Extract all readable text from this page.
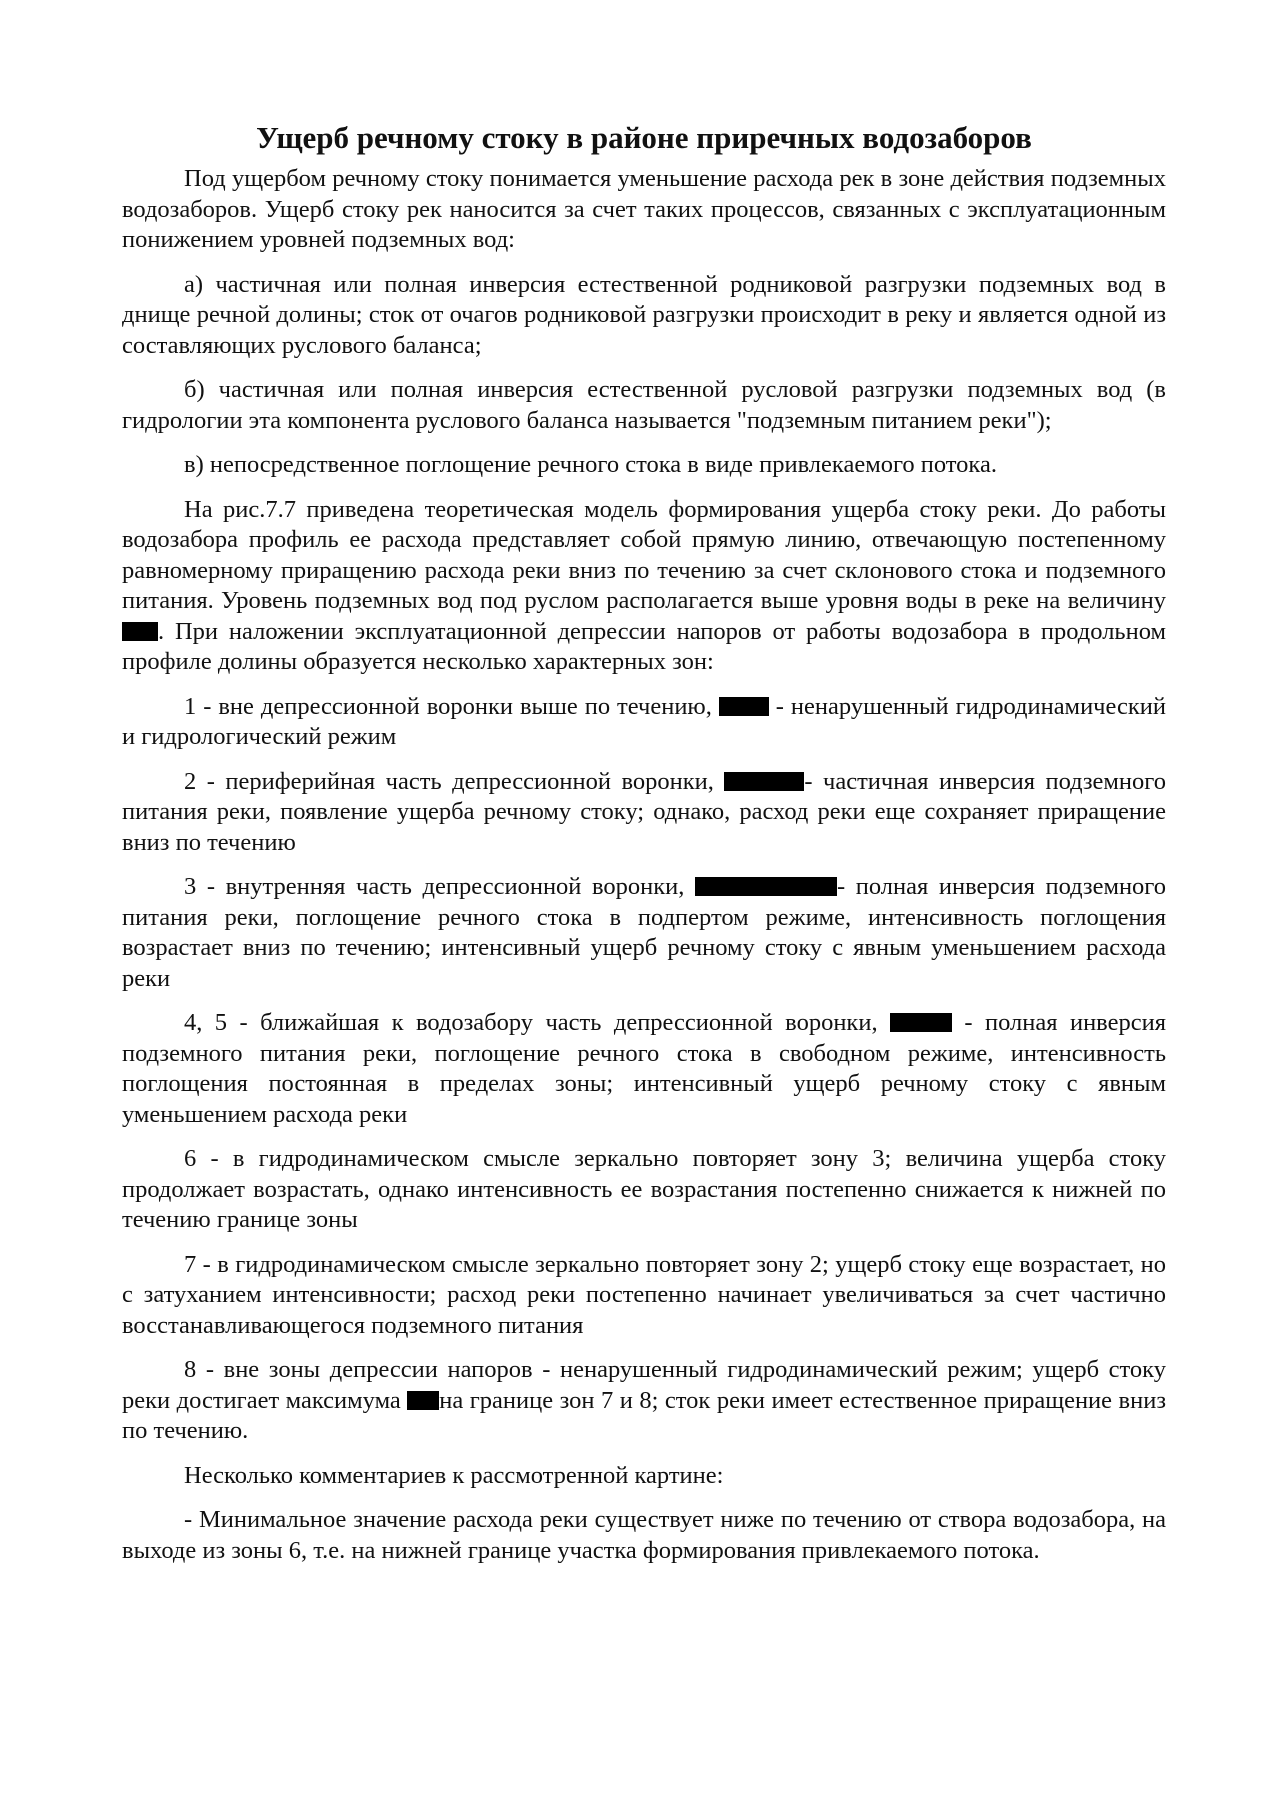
Ущерб речному стоку в районе приречных водозаборов

Под ущербом речному стоку понимается уменьшение расхода рек в зоне действия подземных водозаборов. Ущерб стоку рек наносится за счет таких процессов, связанных с эксплуатационным понижением уровней подземных вод:

а) частичная или полная инверсия естественной родниковой разгрузки подземных вод в днище речной долины; сток от очагов родниковой разгрузки происходит в реку и является одной из составляющих руслового баланса;

б) частичная или полная инверсия естественной русловой разгрузки подземных вод (в гидрологии эта компонента руслового баланса называется "подземным питанием реки");

в) непосредственное поглощение речного стока в виде привлекаемого потока.

На рис.7.7 приведена теоретическая модель формирования ущерба стоку реки. До работы водозабора профиль ее расхода представляет собой прямую линию, отвечающую постепенному равномерному приращению расхода реки вниз по течению за счет склонового стока и подземного питания. Уровень подземных вод под руслом располагается выше уровня воды в реке на величину. При наложении эксплуатационной депрессии напоров от работы водозабора в продольном профиле долины образуется несколько характерных зон:

1 - вне депрессионной воронки выше по течению,  - ненарушенный гидродинамический и гидрологический режим

2 - периферийная часть депрессионной воронки,	- частичная инверсия подземного питания реки, появление ущерба речному стоку; однако, расход реки еще сохраняет приращение вниз по течению

3 - внутренняя часть депрессионной воронки,	- полная инверсия подземного питания реки, поглощение речного стока в подпертом режиме, интенсивность поглощения возрастает вниз по течению; интенсивный ущерб речному стоку с явным уменьшением расхода реки

4, 5 - ближайшая к водозабору часть депрессионной воронки,	- полная инверсия подземного питания реки, поглощение речного стока в свободном режиме, интенсивность поглощения постоянная в пределах зоны; интенсивный ущерб речному стоку с явным уменьшением расхода реки

6 - в гидродинамическом смысле зеркально повторяет зону 3; величина ущерба стоку продолжает возрастать, однако интенсивность ее возрастания постепенно снижается к нижней по течению границе зоны

7 - в гидродинамическом смысле зеркально повторяет зону 2; ущерб стоку еще возрастает, но с затуханием интенсивности; расход реки постепенно начинает увеличиваться за счет частично восстанавливающегося подземного питания

8 - вне зоны депрессии напоров - ненарушенный гидродинамический режим; ущерб стоку реки достигает максимума на границе зон 7 и 8; сток реки имеет естественное приращение вниз по течению.

Несколько комментариев к рассмотренной картине:

- Минимальное значение расхода реки существует ниже по течению от створа водозабора, на выходе из зоны 6, т.е. на нижней границе участка формирования привлекаемого потока.
